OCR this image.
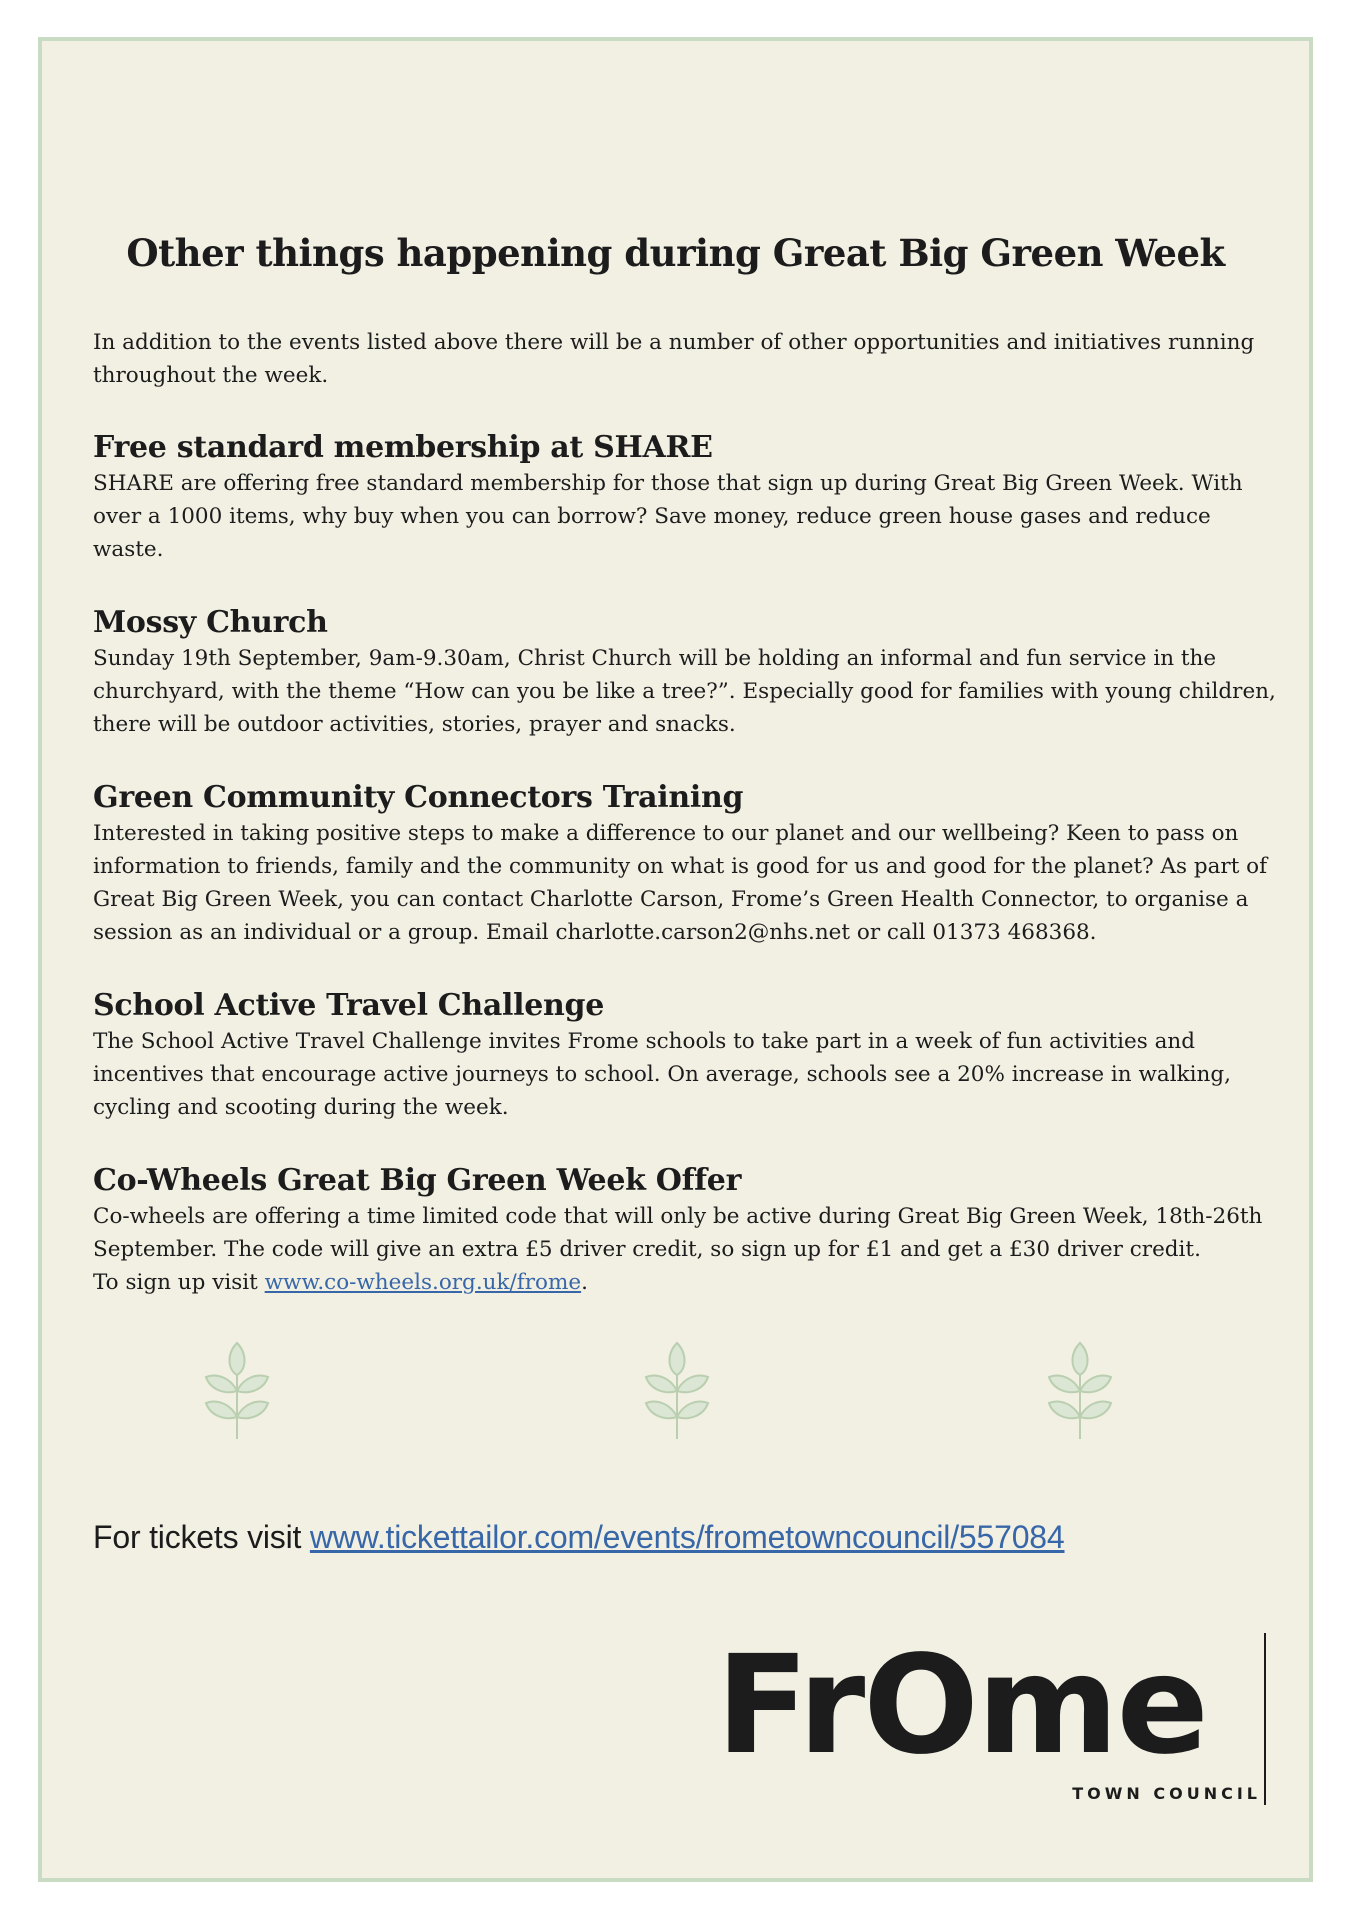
Other things happening during Great Big Green Week

In addition to the events listed above there will be a number of other opportunities and initiatives running throughout the week.

Free standard membership at SHARE

SHARE are offering free standard membership for those that sign up during Great Big Green Week. With over a 1000 items, why buy when you can borrow? Save money, reduce green house gases and reduce waste.

Mossy Church

Sunday 19th September, 9am-9.30am, Christ Church will be holding an informal and fun service in the churchyard, with the theme “How can you be like a tree?”. Especially good for families with young children, there will be outdoor activities, stories, prayer and snacks.

Green Community Connectors Training

Interested in taking positive steps to make a difference to our planet and our wellbeing? Keen to pass on information to friends, family and the community on what is good for us and good for the planet? As part of Great Big Green Week, you can contact Charlotte Carson, Frome’s Green Health Connector, to organise a session as an individual or a group. Email charlotte.carson2@nhs.net or call 01373 468368.

School Active Travel Challenge

The School Active Travel Challenge invites Frome schools to take part in a week of fun activities and incentives that encourage active journeys to school. On average, schools see a 20% increase in walking, cycling and scooting during the week.

Co-Wheels Great Big Green Week Offer

Co-wheels are offering a time limited code that will only be active during Great Big Green Week, 18th-26th September. The code will give an extra £5 driver credit, so sign up for £1 and get a £30 driver credit.

To sign up visit www.co-wheels.org.uk/frome.

For tickets visit www.tickettailor.com/events/frometowncouncil/557084
FrOme
TOWN COUNCIL
